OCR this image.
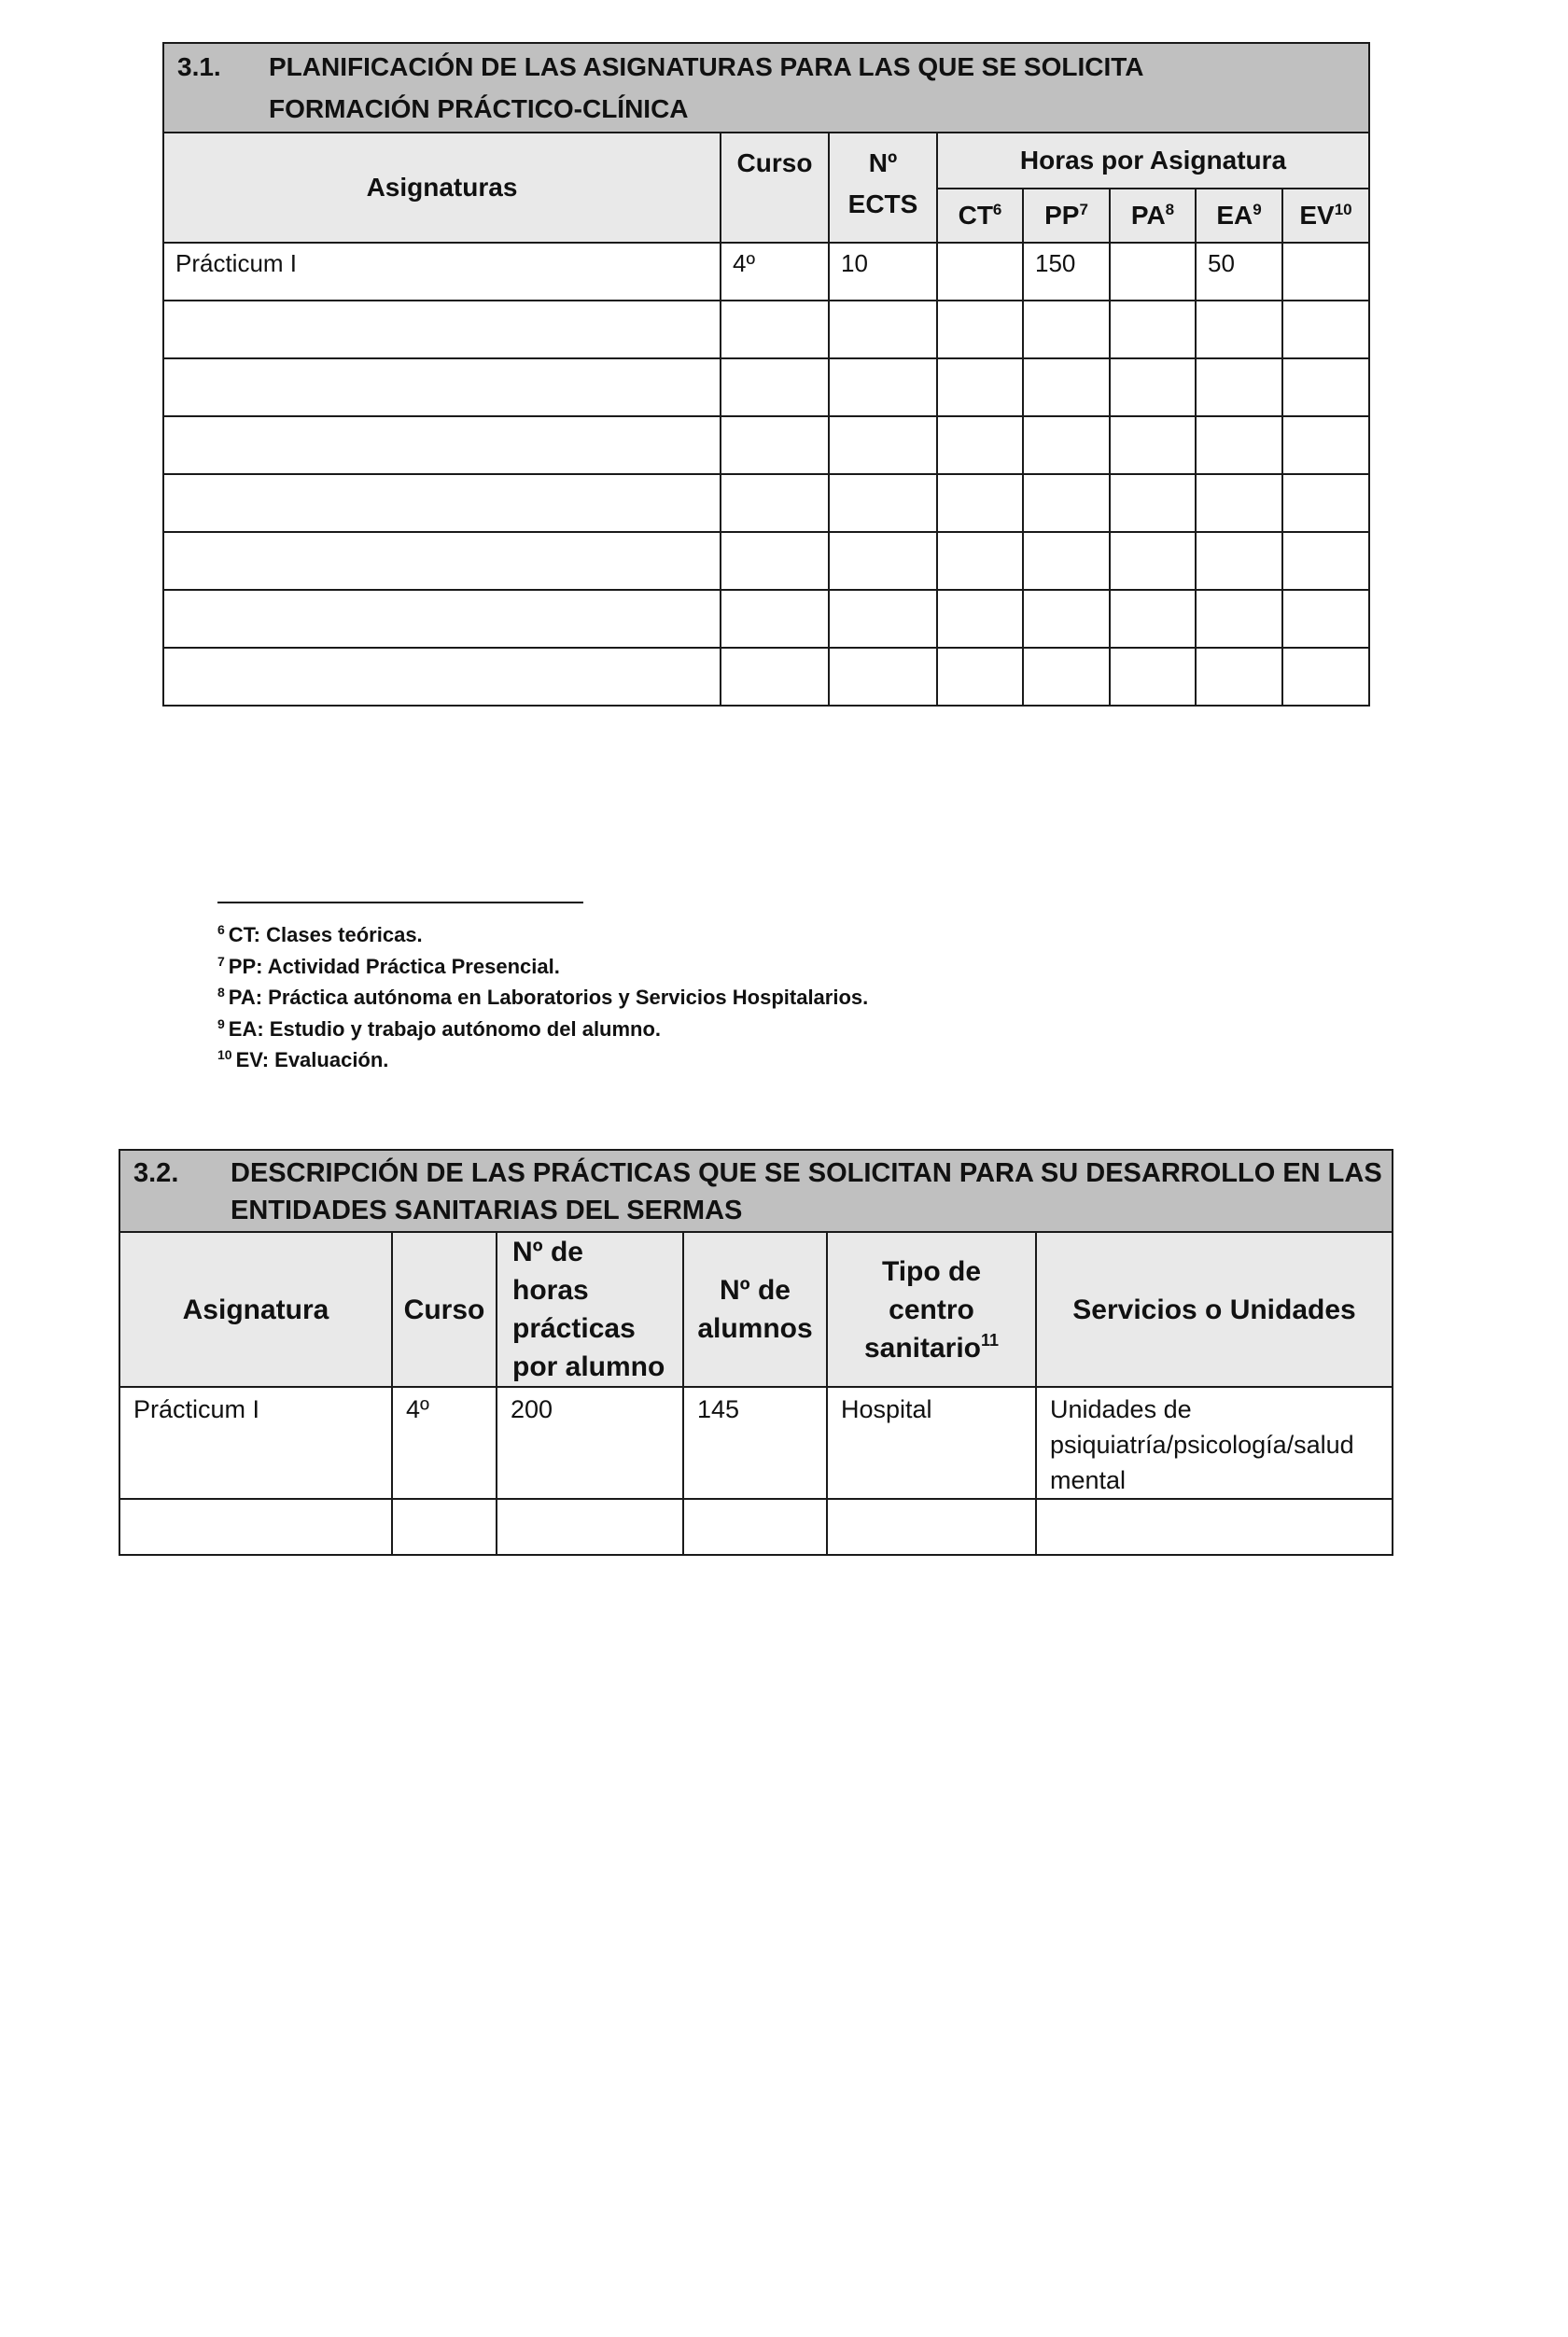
3.1. PLANIFICACIÓN DE LAS ASIGNATURAS PARA LAS QUE SE SOLICITA
FORMACIÓN PRÁCTICO-CLÍNICA							
Asignaturas	Curso	Nº
ECTS	Horas por Asignatura				
			$CT^6$	$PP^7$	$PA^8$	$EA^9$	EV$^{10}$
Prácticum I	4º	10		150		50	

$^6$ CT: Clases teóricas.
$^7$ PP: Actividad Práctica Presencial.
$^8$ PA: Práctica autónoma en Laboratorios y Servicios Hospitalarios.
$^9$ EA: Estudio y trabajo autónomo del alumno.
$^{10}$ EV: Evaluación.
3.2. DESCRIPCIÓN DE LAS PRÁCTICAS QUE SE SOLICITAN PARA SU DESARROLLO EN LAS
ENTIDADES SANITARIAS DEL SERMAS					
Asignatura	Curso	Nº de
horas
prácticas
por alumno	Nº de
alumnos	Tipo de
centro
sanitario$^{11}$	Servicios o Unidades
Prácticum I	4º	200	145	Hospital	Unidades de
psiquiatría/psicología/salud
mental
